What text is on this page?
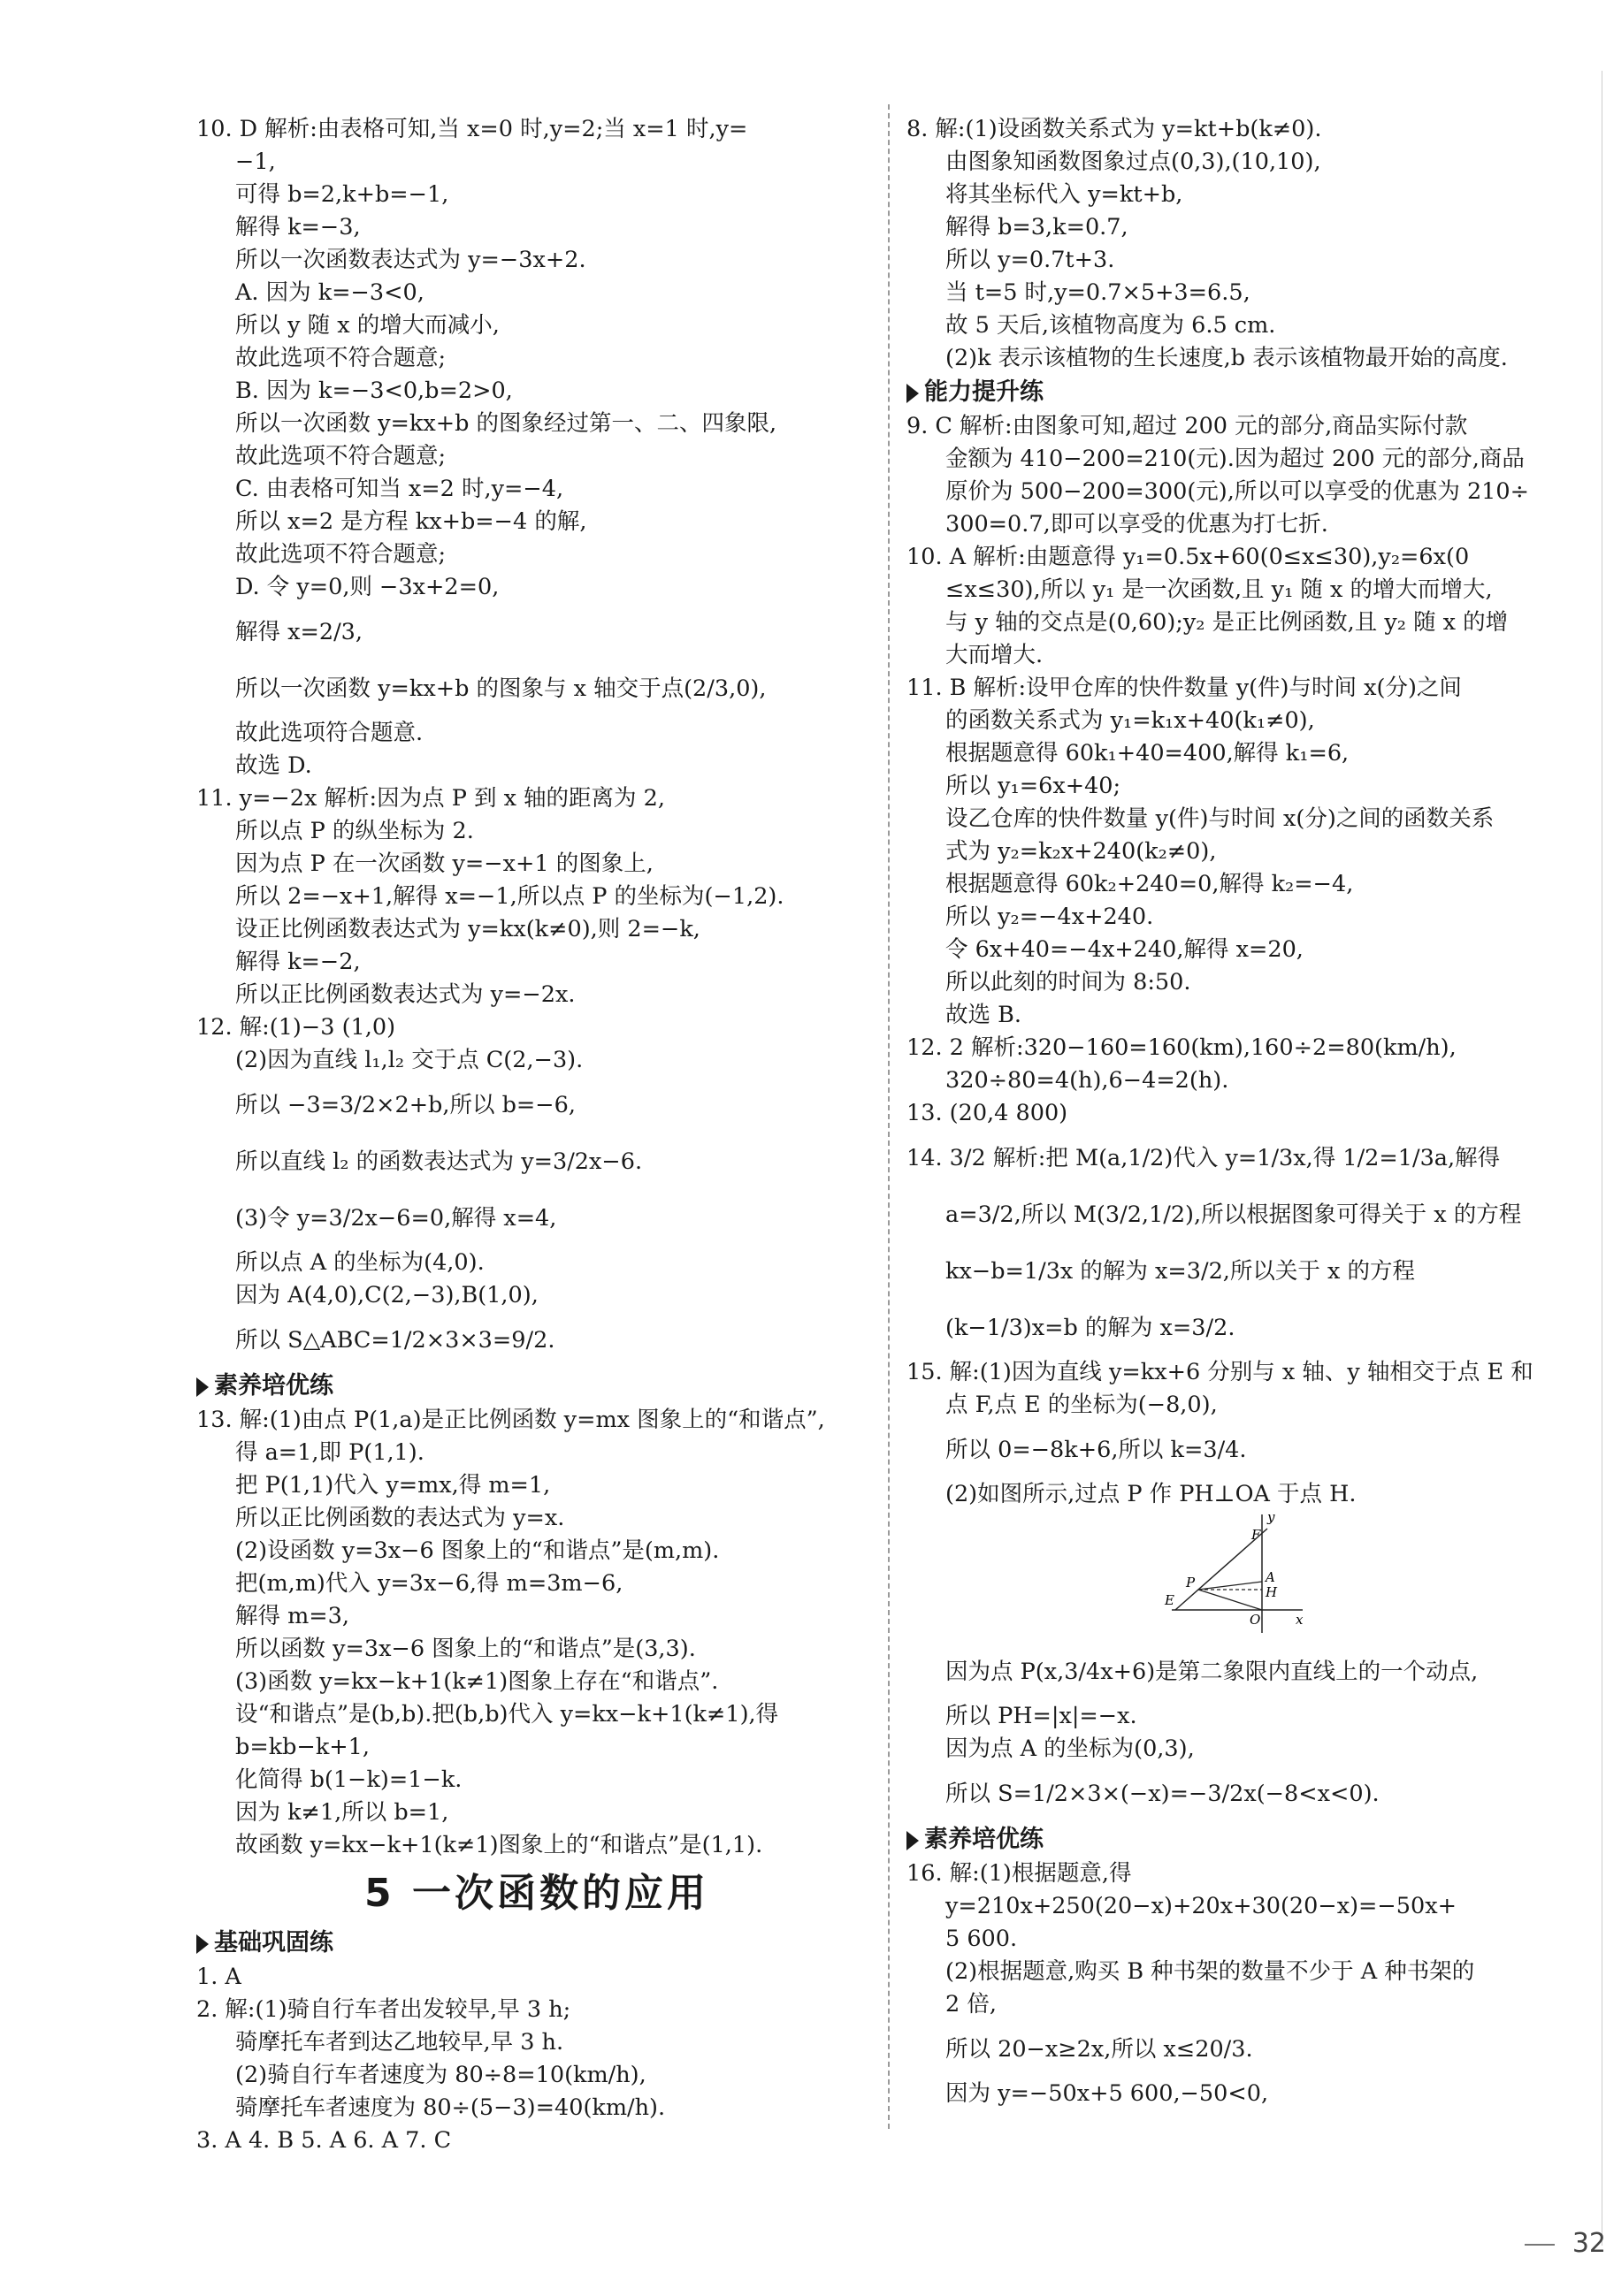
10. D 解析:由表格可知,当 x=0 时,y=2;当 x=1 时,y=
−1,
可得 b=2,k+b=−1,
解得 k=−3,
所以一次函数表达式为 y=−3x+2.
A. 因为 k=−3<0,
所以 y 随 x 的增大而减小,
故此选项不符合题意;
B. 因为 k=−3<0,b=2>0,
所以一次函数 y=kx+b 的图象经过第一、二、四象限,
故此选项不符合题意;
C. 由表格可知当 x=2 时,y=−4,
所以 x=2 是方程 kx+b=−4 的解,
故此选项不符合题意;
D. 令 y=0,则 −3x+2=0,
解得 x=2/3,
所以一次函数 y=kx+b 的图象与 x 轴交于点(2/3,0),
故此选项符合题意.
故选 D.
11. y=−2x 解析:因为点 P 到 x 轴的距离为 2,
所以点 P 的纵坐标为 2.
因为点 P 在一次函数 y=−x+1 的图象上,
所以 2=−x+1,解得 x=−1,所以点 P 的坐标为(−1,2).
设正比例函数表达式为 y=kx(k≠0),则 2=−k,
解得 k=−2,
所以正比例函数表达式为 y=−2x.
12. 解:(1)−3 (1,0)
(2)因为直线 l₁,l₂ 交于点 C(2,−3).
所以 −3=3/2×2+b,所以 b=−6,
所以直线 l₂ 的函数表达式为 y=3/2x−6.
(3)令 y=3/2x−6=0,解得 x=4,
所以点 A 的坐标为(4,0).
因为 A(4,0),C(2,−3),B(1,0),
所以 S△ABC=1/2×3×3=9/2.
素养培优练
13. 解:(1)由点 P(1,a)是正比例函数 y=mx 图象上的“和谐点”,
得 a=1,即 P(1,1).
把 P(1,1)代入 y=mx,得 m=1,
所以正比例函数的表达式为 y=x.
(2)设函数 y=3x−6 图象上的“和谐点”是(m,m).
把(m,m)代入 y=3x−6,得 m=3m−6,
解得 m=3,
所以函数 y=3x−6 图象上的“和谐点”是(3,3).
(3)函数 y=kx−k+1(k≠1)图象上存在“和谐点”.
设“和谐点”是(b,b).把(b,b)代入 y=kx−k+1(k≠1),得
b=kb−k+1,
化简得 b(1−k)=1−k.
因为 k≠1,所以 b=1,
故函数 y=kx−k+1(k≠1)图象上的“和谐点”是(1,1).
5 一次函数的应用
基础巩固练
1. A
2. 解:(1)骑自行车者出发较早,早 3 h;
骑摩托车者到达乙地较早,早 3 h.
(2)骑自行车者速度为 80÷8=10(km/h),
骑摩托车者速度为 80÷(5−3)=40(km/h).
3. A 4. B 5. A 6. A 7. C
8. 解:(1)设函数关系式为 y=kt+b(k≠0).
由图象知函数图象过点(0,3),(10,10),
将其坐标代入 y=kt+b,
解得 b=3,k=0.7,
所以 y=0.7t+3.
当 t=5 时,y=0.7×5+3=6.5,
故 5 天后,该植物高度为 6.5 cm.
(2)k 表示该植物的生长速度,b 表示该植物最开始的高度.
能力提升练
9. C 解析:由图象可知,超过 200 元的部分,商品实际付款
金额为 410−200=210(元).因为超过 200 元的部分,商品
原价为 500−200=300(元),所以可以享受的优惠为 210÷
300=0.7,即可以享受的优惠为打七折.
10. A 解析:由题意得 y₁=0.5x+60(0≤x≤30),y₂=6x(0
≤x≤30),所以 y₁ 是一次函数,且 y₁ 随 x 的增大而增大,
与 y 轴的交点是(0,60);y₂ 是正比例函数,且 y₂ 随 x 的增
大而增大.
11. B 解析:设甲仓库的快件数量 y(件)与时间 x(分)之间
的函数关系式为 y₁=k₁x+40(k₁≠0),
根据题意得 60k₁+40=400,解得 k₁=6,
所以 y₁=6x+40;
设乙仓库的快件数量 y(件)与时间 x(分)之间的函数关系
式为 y₂=k₂x+240(k₂≠0),
根据题意得 60k₂+240=0,解得 k₂=−4,
所以 y₂=−4x+240.
令 6x+40=−4x+240,解得 x=20,
所以此刻的时间为 8:50.
故选 B.
12. 2 解析:320−160=160(km),160÷2=80(km/h),
320÷80=4(h),6−4=2(h).
13. (20,4 800)
14. 3/2 解析:把 M(a,1/2)代入 y=1/3x,得 1/2=1/3a,解得
a=3/2,所以 M(3/2,1/2),所以根据图象可得关于 x 的方程
kx−b=1/3x 的解为 x=3/2,所以关于 x 的方程
(k−1/3)x=b 的解为 x=3/2.
15. 解:(1)因为直线 y=kx+6 分别与 x 轴、y 轴相交于点 E 和
点 F,点 E 的坐标为(−8,0),
所以 0=−8k+6,所以 k=3/4.
(2)如图所示,过点 P 作 PH⊥OA 于点 H.
F
y
A
P
H
E
O	x
因为点 P(x,3/4x+6)是第二象限内直线上的一个动点,
所以 PH=|x|=−x.
因为点 A 的坐标为(0,3),
所以 S=1/2×3×(−x)=−3/2x(−8<x<0).
素养培优练
16. 解:(1)根据题意,得
y=210x+250(20−x)+20x+30(20−x)=−50x+
5 600.
(2)根据题意,购买 B 种书架的数量不少于 A 种书架的
2 倍,
所以 20−x≥2x,所以 x≤20/3.
因为 y=−50x+5 600,−50<0,
32
